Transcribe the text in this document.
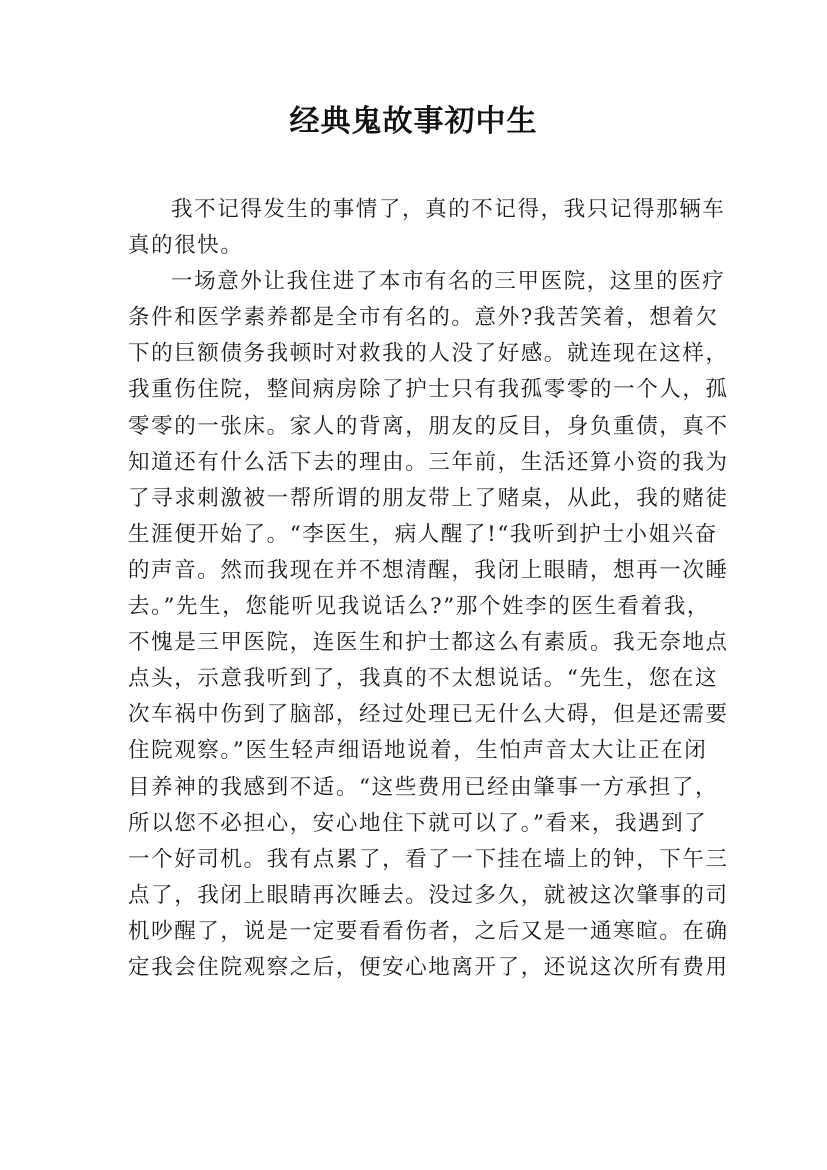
经典鬼故事初中生
我不记得发生的事情了，真的不记得，我只记得那辆车
真的很快。
一场意外让我住进了本市有名的三甲医院，这里的医疗
条件和医学素养都是全市有名的。意外?我苦笑着，想着欠
下的巨额债务我顿时对救我的人没了好感。就连现在这样，
我重伤住院，整间病房除了护士只有我孤零零的一个人，孤
零零的一张床。家人的背离，朋友的反目，身负重债，真不
知道还有什么活下去的理由。三年前，生活还算小资的我为
了寻求刺激被一帮所谓的朋友带上了赌桌，从此，我的赌徒
生涯便开始了。“李医生，病人醒了!“我听到护士小姐兴奋
的声音。然而我现在并不想清醒，我闭上眼睛，想再一次睡
去。”先生，您能听见我说话么?”那个姓李的医生看着我，
不愧是三甲医院，连医生和护士都这么有素质。我无奈地点
点头，示意我听到了，我真的不太想说话。“先生，您在这
次车祸中伤到了脑部，经过处理已无什么大碍，但是还需要
住院观察。”医生轻声细语地说着，生怕声音太大让正在闭
目养神的我感到不适。“这些费用已经由肇事一方承担了，
所以您不必担心，安心地住下就可以了。”看来，我遇到了
一个好司机。我有点累了，看了一下挂在墙上的钟，下午三
点了，我闭上眼睛再次睡去。没过多久，就被这次肇事的司
机吵醒了，说是一定要看看伤者，之后又是一通寒暄。在确
定我会住院观察之后，便安心地离开了，还说这次所有费用
